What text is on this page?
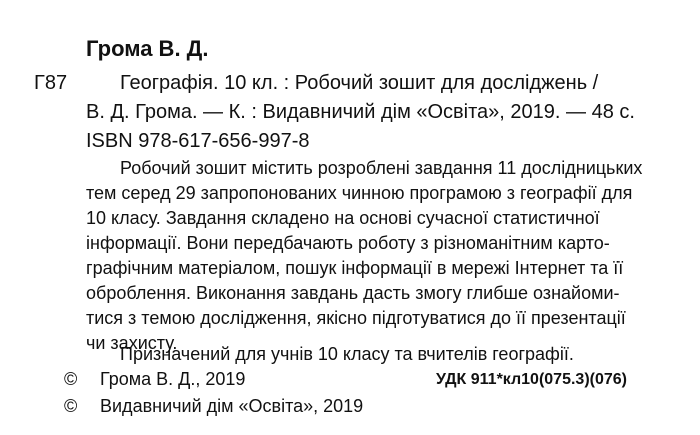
Грома В. Д.
Г87	Географія. 10 кл. : Робочий зошит для досліджень /
В. Д. Грома. — К. : Видавничий дім «Освіта», 2019. — 48 с.
ISBN 978-617-656-997-8
Робочий зошит містить розроблені завдання 11 дослідницьких
тем серед 29 запропонованих чинною програмою з географії для
10 класу. Завдання складено на основі сучасної статистичної
інформації. Вони передбачають роботу з різноманітним карто-
графічним матеріалом, пошук інформації в мережі Інтернет та її
оброблення. Виконання завдань дасть змогу глибше ознайоми-
тися з темою дослідження, якісно підготуватися до її презентації
чи захисту.
Призначений для учнів 10 класу та вчителів географії.
© Грома В. Д., 2019	УДК 911*кл10(075.3)(076)
© Видавничий дім «Освіта», 2019
